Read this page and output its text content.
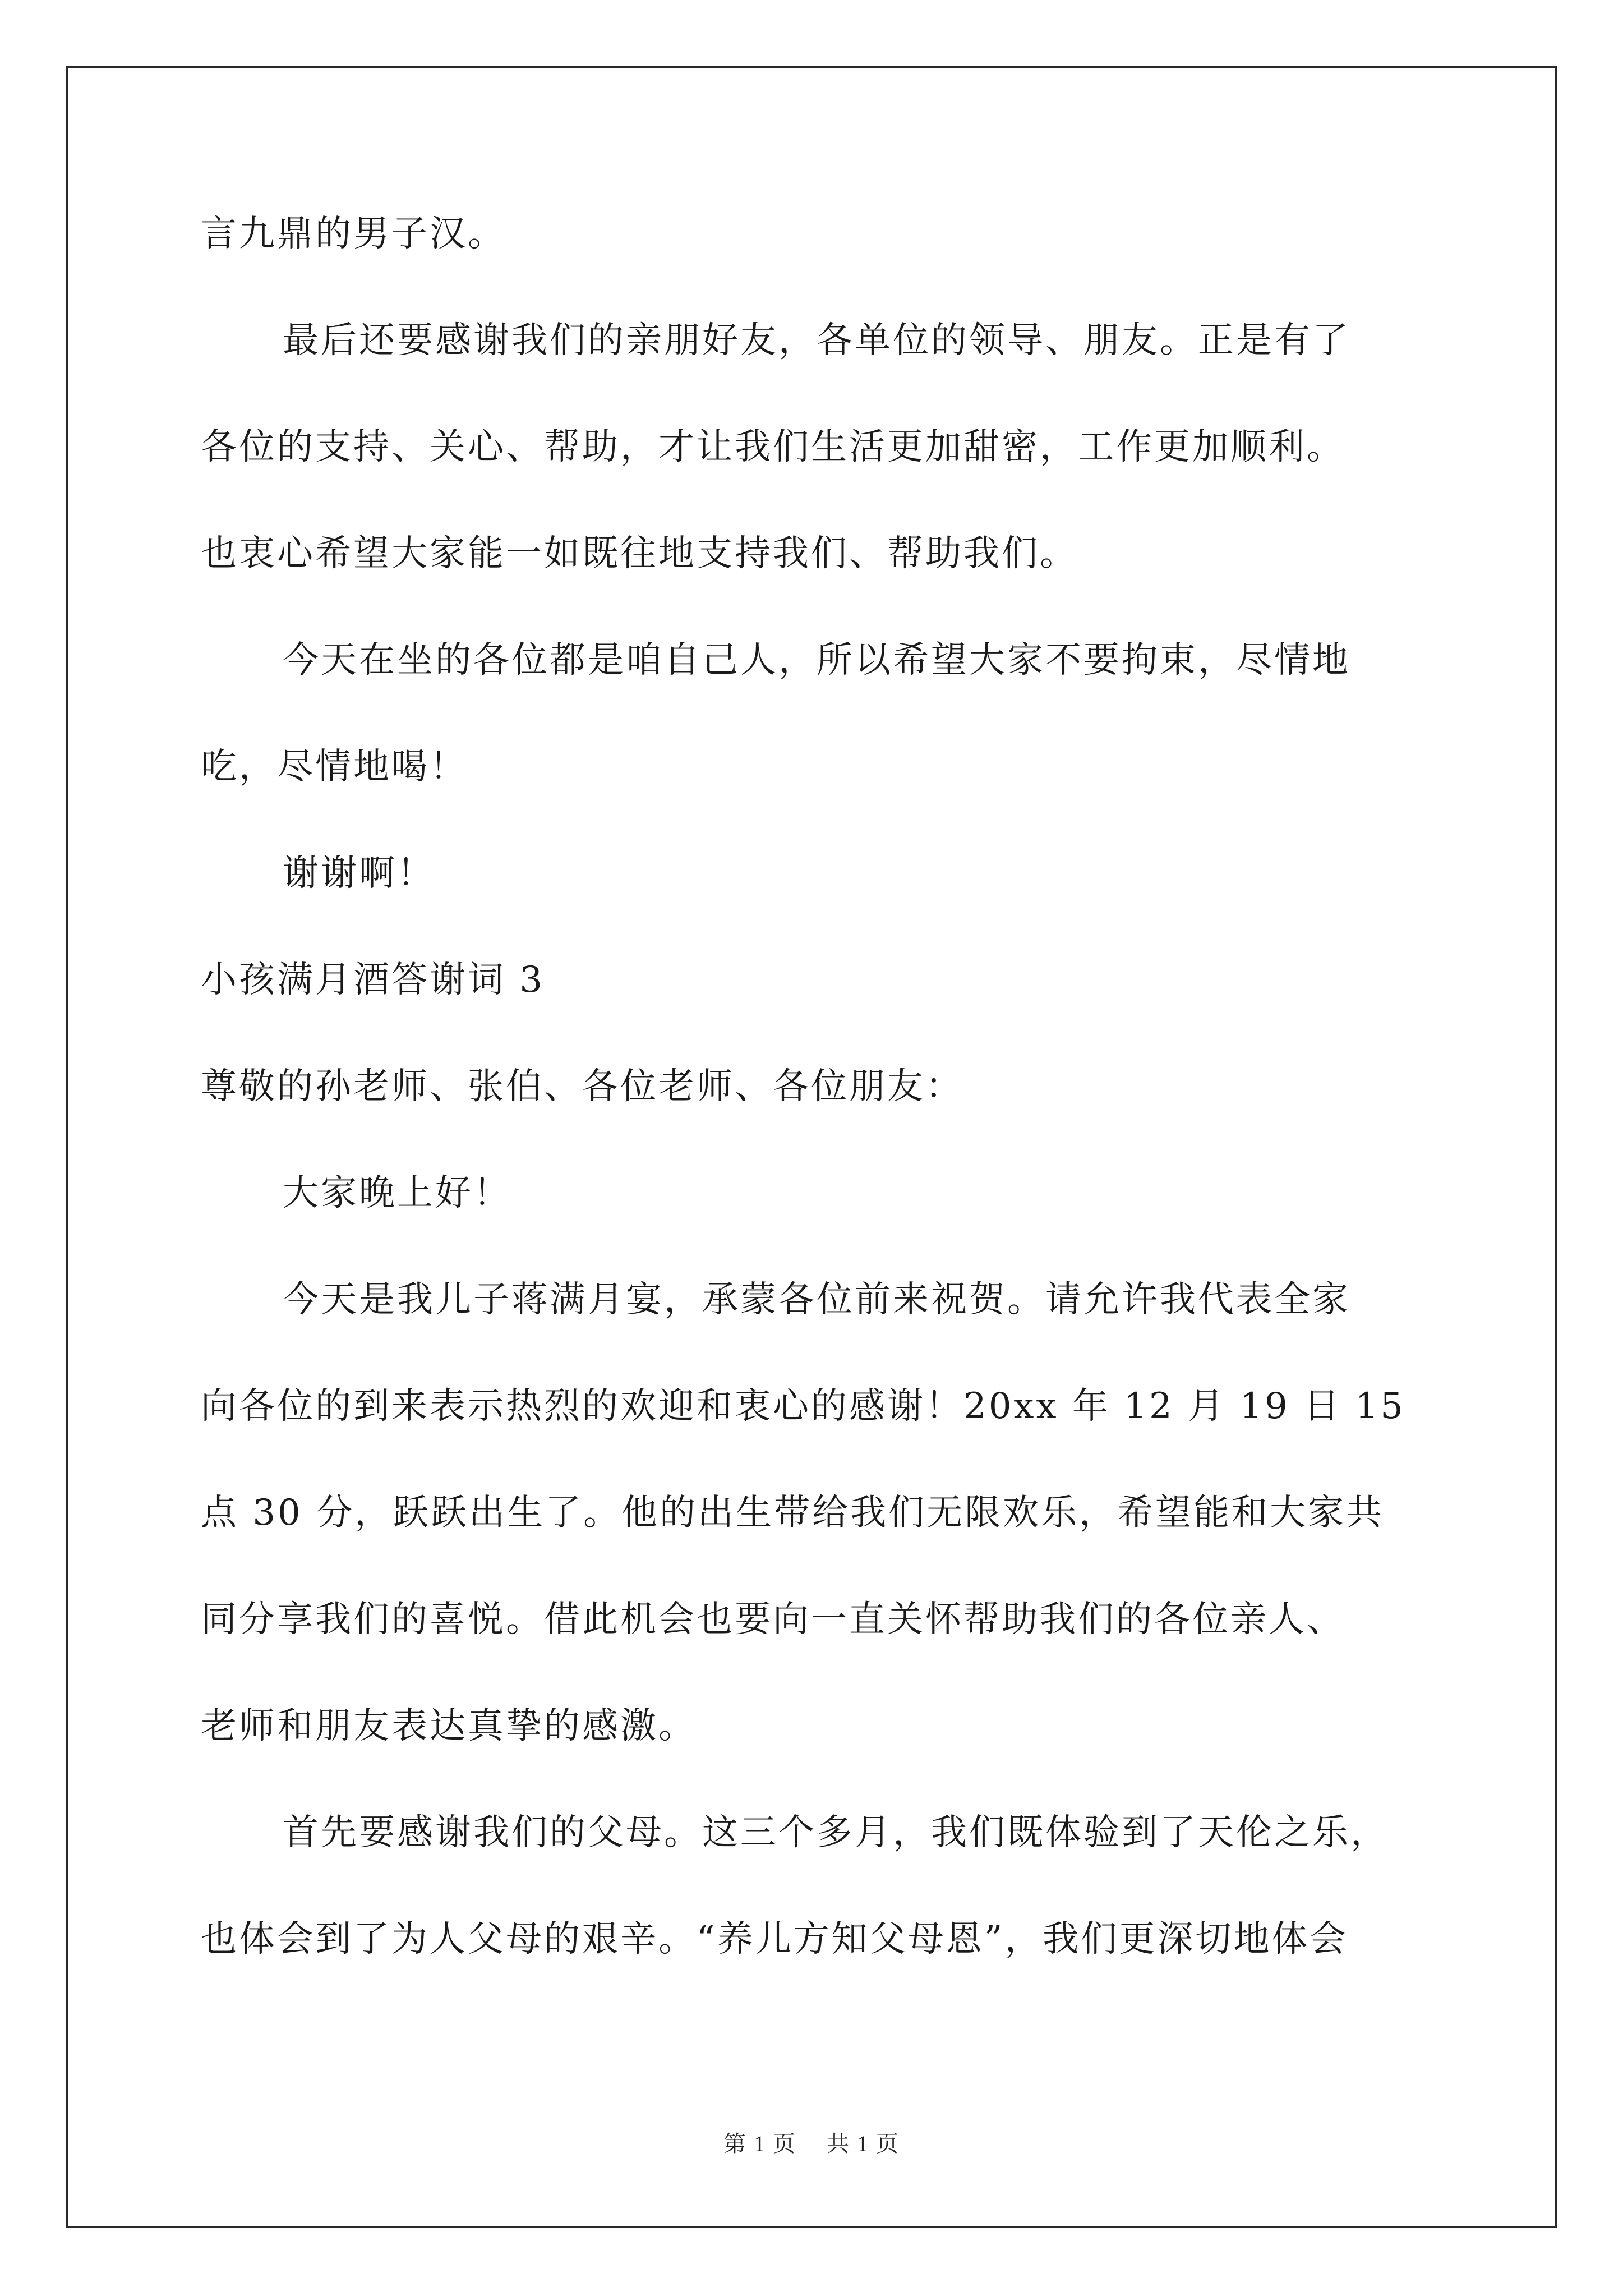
言九鼎的男子汉。
最后还要感谢我们的亲朋好友，各单位的领导、朋友。正是有了
各位的支持、关心、帮助，才让我们生活更加甜密，工作更加顺利。
也衷心希望大家能一如既往地支持我们、帮助我们。
今天在坐的各位都是咱自己人，所以希望大家不要拘束，尽情地
吃，尽情地喝！
谢谢啊！
小孩满月酒答谢词 3
尊敬的孙老师、张伯、各位老师、各位朋友：
大家晚上好！
今天是我儿子蒋满月宴，承蒙各位前来祝贺。请允许我代表全家
向各位的到来表示热烈的欢迎和衷心的感谢！20xx 年 12 月 19 日 15
点 30 分，跃跃出生了。他的出生带给我们无限欢乐，希望能和大家共
同分享我们的喜悦。借此机会也要向一直关怀帮助我们的各位亲人、
老师和朋友表达真挚的感激。
首先要感谢我们的父母。这三个多月，我们既体验到了天伦之乐，
也体会到了为人父母的艰辛。“养儿方知父母恩”，我们更深切地体会
第 1 页 共 1 页
